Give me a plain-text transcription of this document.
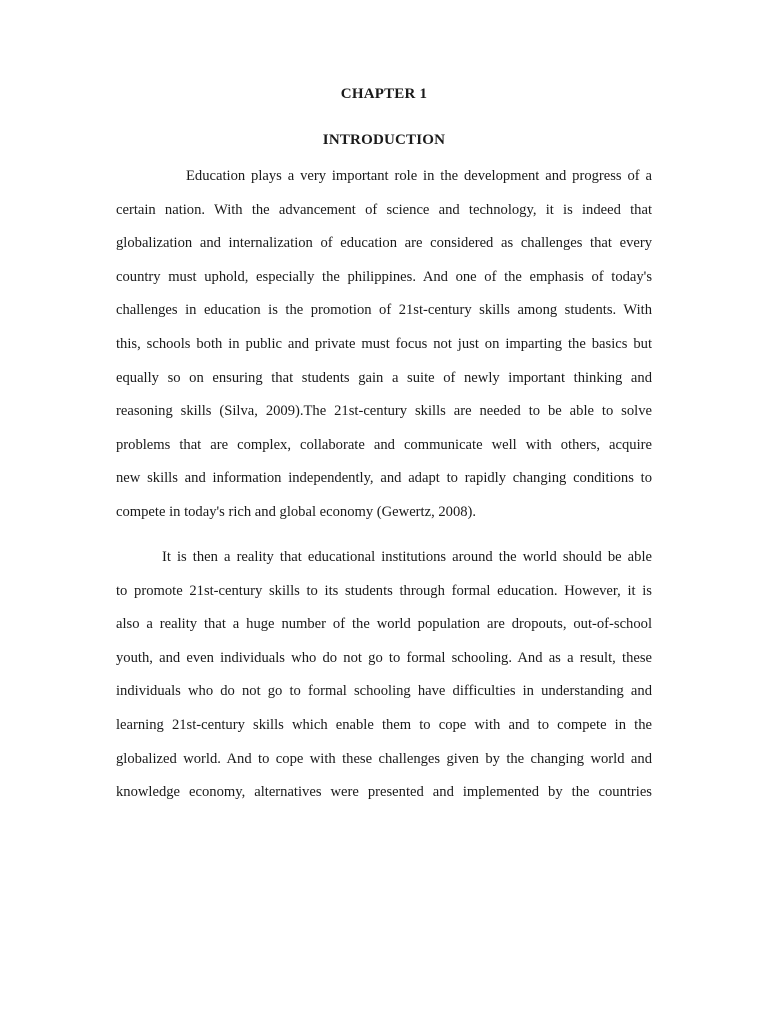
CHAPTER 1
INTRODUCTION
Education plays a very important role in the development and progress of a
certain nation. With the advancement of science and technology, it is indeed that
globalization and internalization of education are considered as challenges that every
country must uphold, especially the philippines. And one of the emphasis of today's
challenges in education is the promotion of 21st-century skills among students. With
this, schools both in public and private must focus not just on imparting the basics but
equally so on ensuring that students gain a suite of newly important thinking and
reasoning skills (Silva, 2009).The 21st-century skills are needed to be able to solve
problems that are complex, collaborate and communicate well with others, acquire
new skills and information independently, and adapt to rapidly changing conditions to
compete in today's rich and global economy (Gewertz, 2008).
It is then a reality that educational institutions around the world should be able
to promote 21st-century skills to its students through formal education. However, it is
also a reality that a huge number of the world population are dropouts, out-of-school
youth, and even individuals who do not go to formal schooling. And as a result, these
individuals who do not go to formal schooling have difficulties in understanding and
learning 21st-century skills which enable them to cope with and to compete in the
globalized world. And to cope with these challenges given by the changing world and
knowledge economy, alternatives were presented and implemented by the countries
